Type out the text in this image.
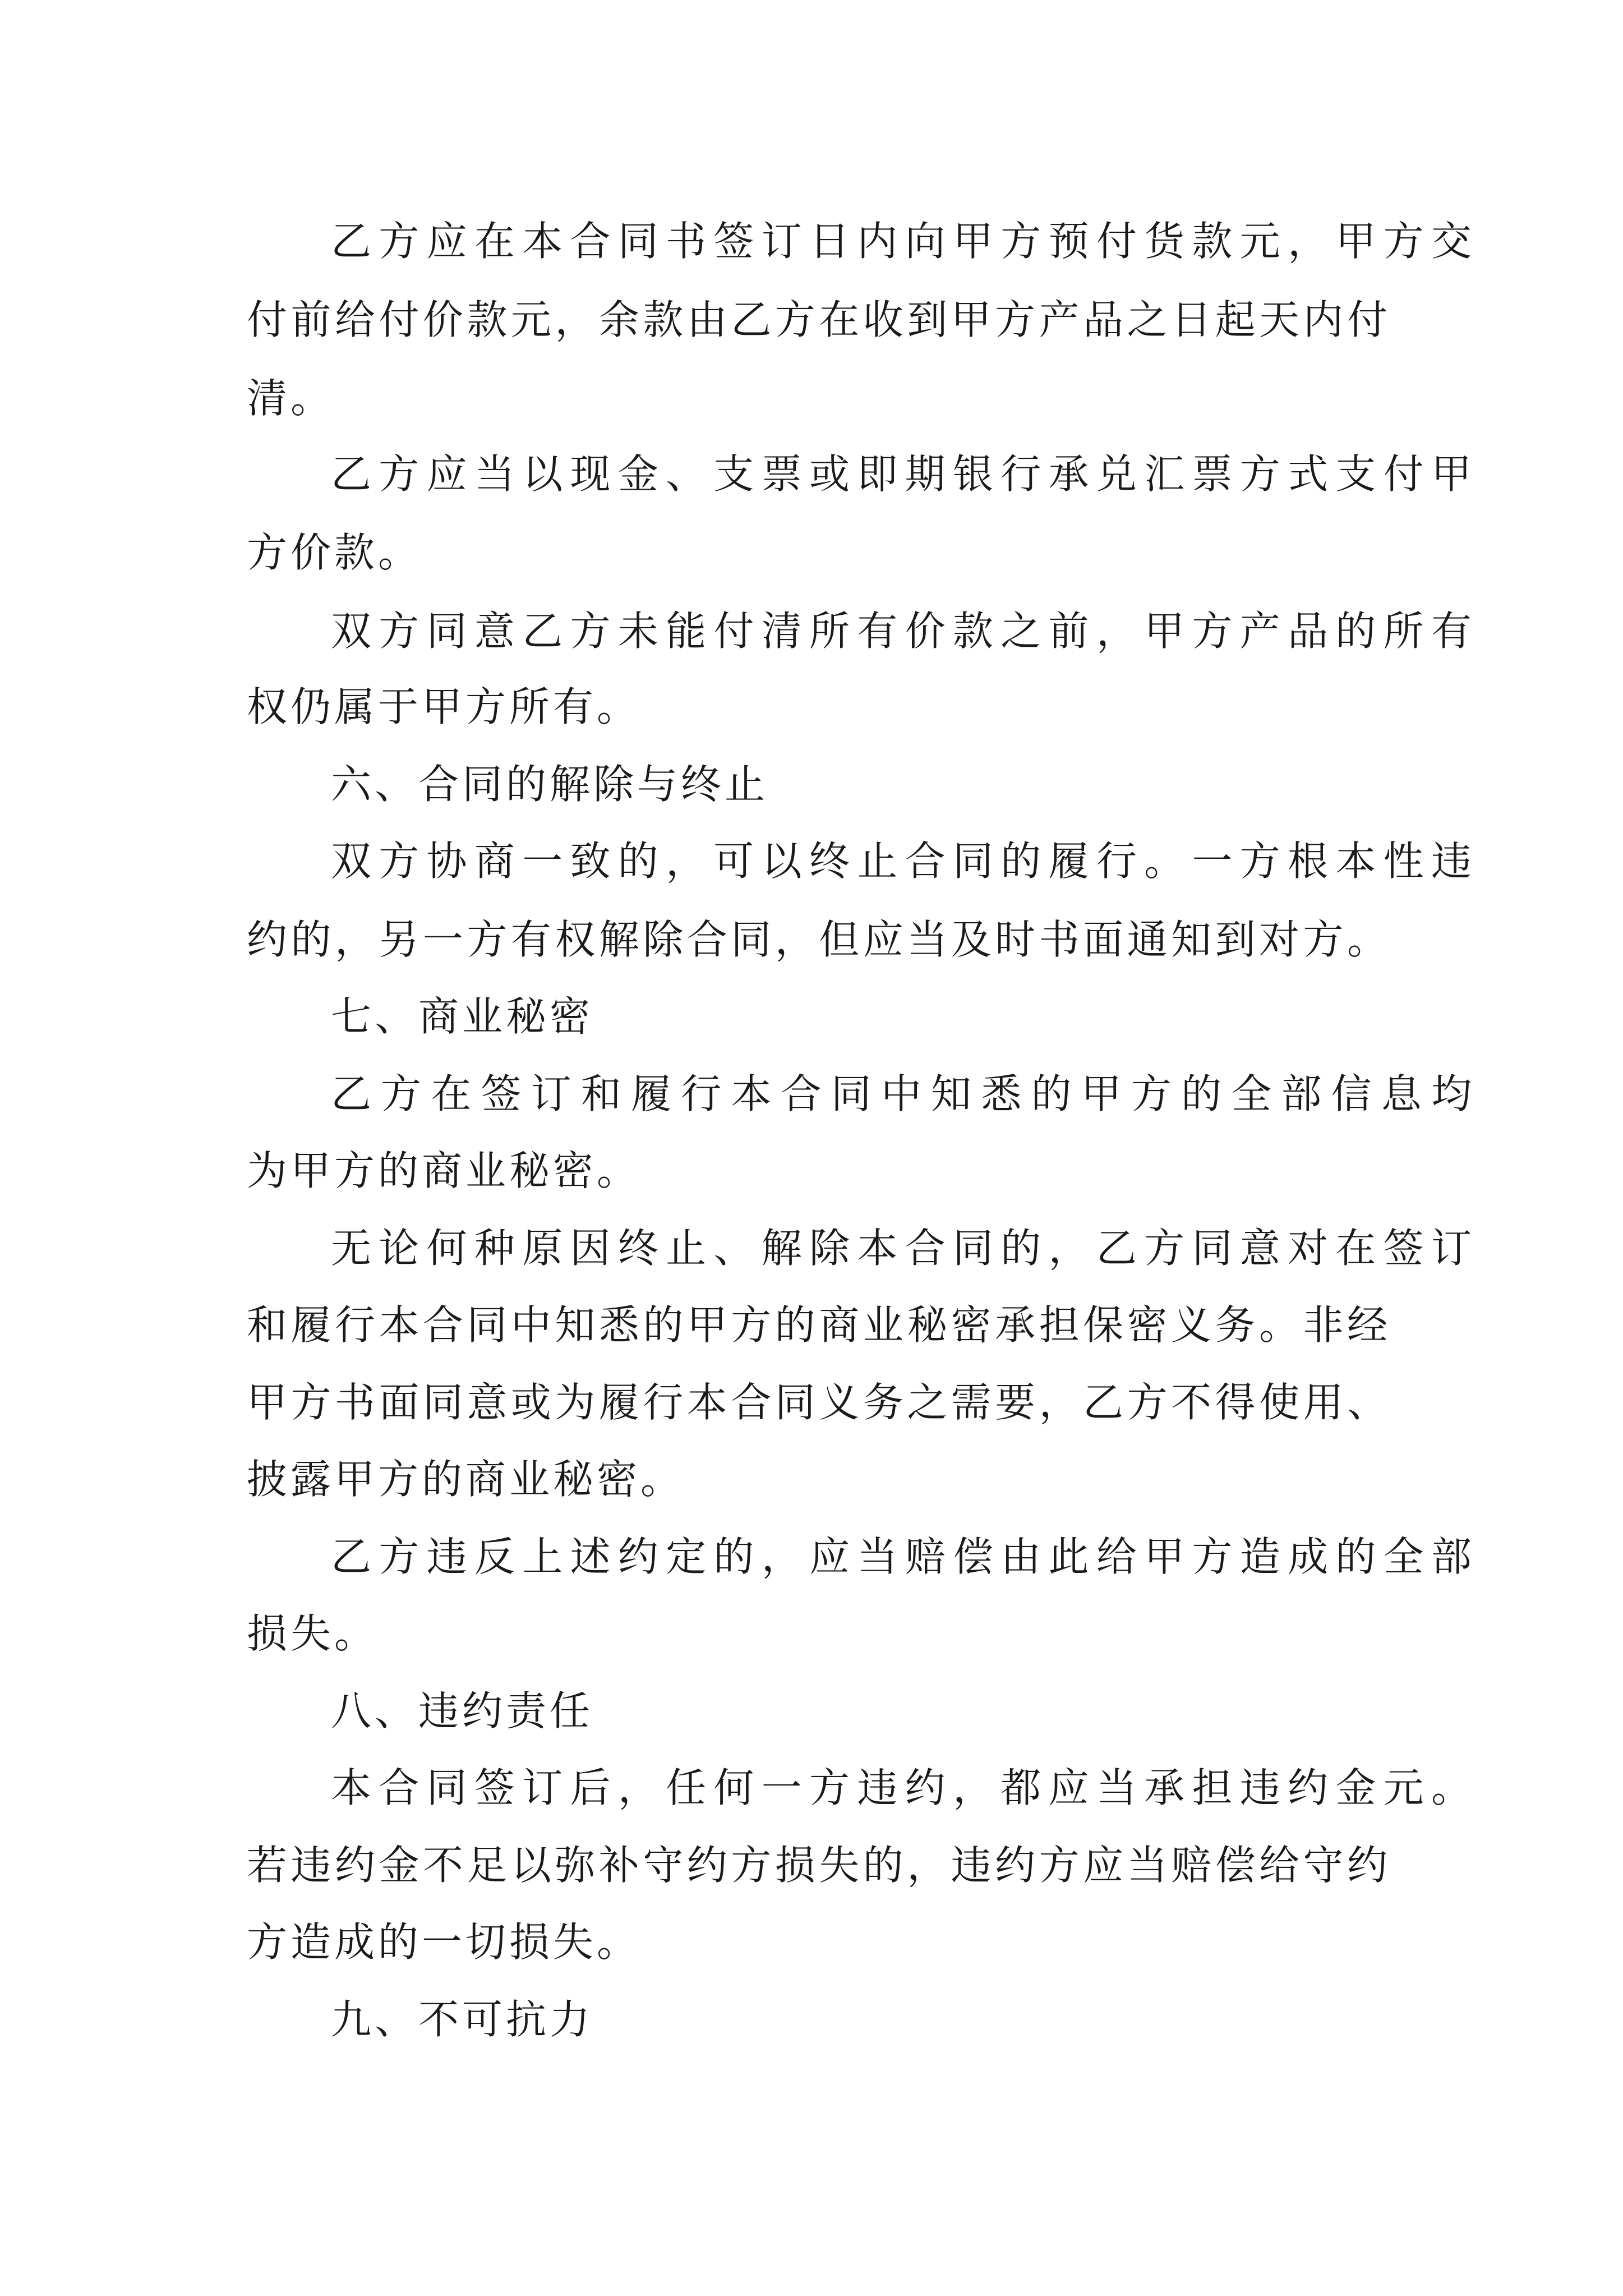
乙方应在本合同书签订日内向甲方预付货款元，甲方交
付前给付价款元，余款由乙方在收到甲方产品之日起天内付
清。
乙方应当以现金、支票或即期银行承兑汇票方式支付甲
方价款。
双方同意乙方未能付清所有价款之前，甲方产品的所有
权仍属于甲方所有。
六、合同的解除与终止
双方协商一致的，可以终止合同的履行。一方根本性违
约的，另一方有权解除合同，但应当及时书面通知到对方。
七、商业秘密
乙方在签订和履行本合同中知悉的甲方的全部信息均
为甲方的商业秘密。
无论何种原因终止、解除本合同的，乙方同意对在签订
和履行本合同中知悉的甲方的商业秘密承担保密义务。非经
甲方书面同意或为履行本合同义务之需要，乙方不得使用、
披露甲方的商业秘密。
乙方违反上述约定的，应当赔偿由此给甲方造成的全部
损失。
八、违约责任
本合同签订后，任何一方违约，都应当承担违约金元。
若违约金不足以弥补守约方损失的，违约方应当赔偿给守约
方造成的一切损失。
九、不可抗力
